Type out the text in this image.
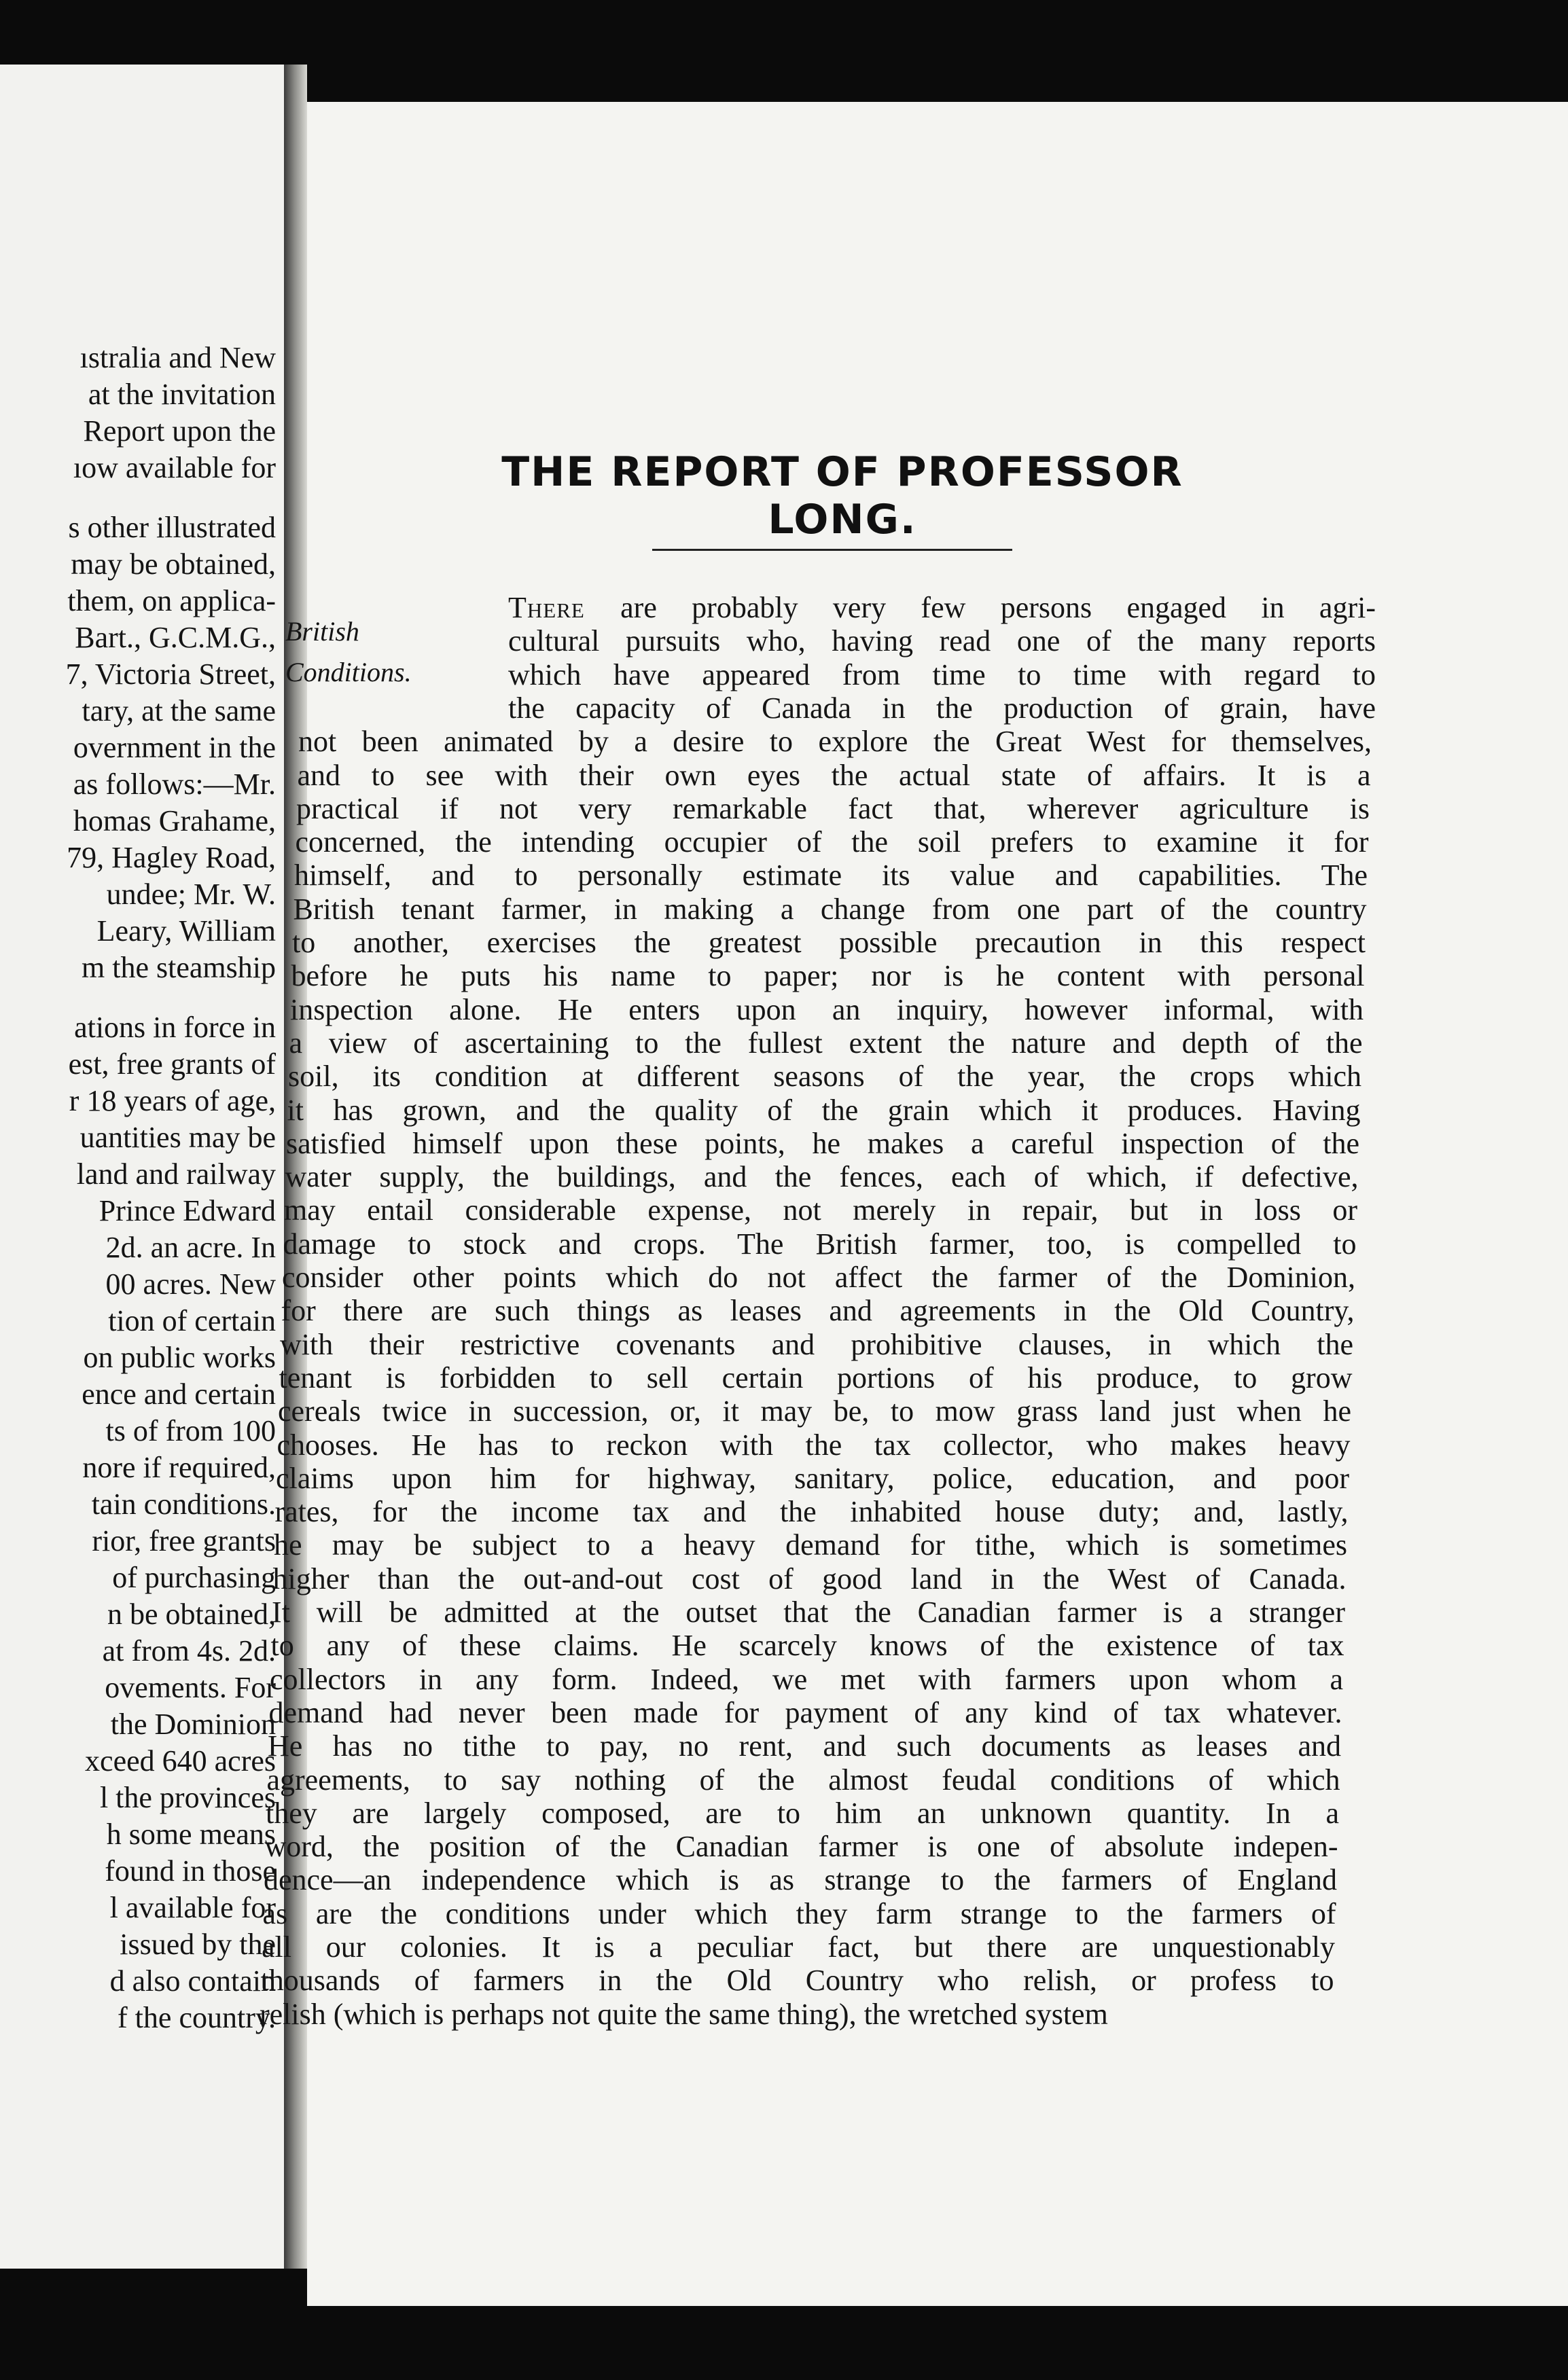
ıstralia and New
at the invitation
Report upon the
ıow available for
s other illustrated
may be obtained,
them, on applica-
Bart., G.C.M.G.,
7, Victoria Street,
tary, at the same
overnment in the
as follows:—Mr.
homas Grahame,
79, Hagley Road,
undee; Mr. W.
Leary, William
m the steamship
ations in force in
est, free grants of
r 18 years of age,
uantities may be
land and railway
Prince Edward
2d. an acre. In
00 acres. New
tion of certain
on public works
ence and certain
ts of from 100
nore if required,
tain conditions.
rior, free grants
of purchasing
n be obtained,
at from 4s. 2d.
ovements. For
the Dominion
xceed 640 acres
l the provinces
h some means
found in those
l available for
issued by the
d also contain
f the country.
THE REPORT OF PROFESSOR LONG.
British
Conditions.
There are probably very few persons engaged in agri-
cultural pursuits who, having read one of the many reports
which have appeared from time to time with regard to
the capacity of Canada in the production of grain, have
not been animated by a desire to explore the Great West for themselves,
and to see with their own eyes the actual state of affairs. It is a
practical if not very remarkable fact that, wherever agriculture is
concerned, the intending occupier of the soil prefers to examine it for
himself, and to personally estimate its value and capabilities. The
British tenant farmer, in making a change from one part of the country
to another, exercises the greatest possible precaution in this respect
before he puts his name to paper; nor is he content with personal
inspection alone. He enters upon an inquiry, however informal, with
a view of ascertaining to the fullest extent the nature and depth of the
soil, its condition at different seasons of the year, the crops which
it has grown, and the quality of the grain which it produces. Having
satisfied himself upon these points, he makes a careful inspection of the
water supply, the buildings, and the fences, each of which, if defective,
may entail considerable expense, not merely in repair, but in loss or
damage to stock and crops. The British farmer, too, is compelled to
consider other points which do not affect the farmer of the Dominion,
for there are such things as leases and agreements in the Old Country,
with their restrictive covenants and prohibitive clauses, in which the
tenant is forbidden to sell certain portions of his produce, to grow
cereals twice in succession, or, it may be, to mow grass land just when he
chooses. He has to reckon with the tax collector, who makes heavy
claims upon him for highway, sanitary, police, education, and poor
rates, for the income tax and the inhabited house duty; and, lastly,
he may be subject to a heavy demand for tithe, which is sometimes
higher than the out-and-out cost of good land in the West of Canada.
It will be admitted at the outset that the Canadian farmer is a stranger
to any of these claims. He scarcely knows of the existence of tax
collectors in any form. Indeed, we met with farmers upon whom a
demand had never been made for payment of any kind of tax whatever.
He has no tithe to pay, no rent, and such documents as leases and
agreements, to say nothing of the almost feudal conditions of which
they are largely composed, are to him an unknown quantity. In a
word, the position of the Canadian farmer is one of absolute indepen-
dence—an independence which is as strange to the farmers of England
as are the conditions under which they farm strange to the farmers of
all our colonies. It is a peculiar fact, but there are unquestionably
thousands of farmers in the Old Country who relish, or profess to
relish (which is perhaps not quite the same thing), the wretched system
